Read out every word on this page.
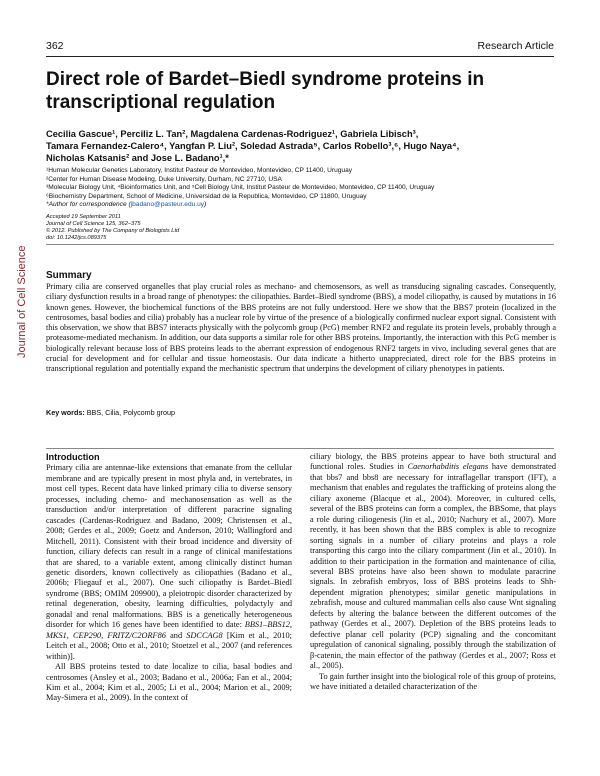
362	Research Article
Journal of Cell Science
Direct role of Bardet–Biedl syndrome proteins in transcriptional regulation
Cecilia Gascue¹, Perciliz L. Tan², Magdalena Cardenas-Rodriguez¹, Gabriela Libisch³,
Tamara Fernandez-Calero⁴, Yangfan P. Liu², Soledad Astrada⁵, Carlos Robello³,⁶, Hugo Naya⁴,
Nicholas Katsanis² and Jose L. Badano¹,*
¹Human Molecular Genetics Laboratory, Institut Pasteur de Montevideo, Montevideo, CP 11400, Uruguay
²Center for Human Disease Modeling, Duke University, Durham, NC 27710, USA
³Molecular Biology Unit, ⁴Bioinformatics Unit, and ⁵Cell Biology Unit, Institut Pasteur de Montevideo, Montevideo, CP 11400, Uruguay
⁶Biochemistry Department, School of Medicine, Universidad de la Republica, Montevideo, CP 11800, Uruguay
*Author for correspondence (jbadano@pasteur.edu.uy)
Accepted 19 September 2011
Journal of Cell Science 125, 362–375
© 2012. Published by The Company of Biologists Ltd
doi: 10.1242/jcs.089375
Summary

Primary cilia are conserved organelles that play crucial roles as mechano- and chemosensors, as well as transducing signaling cascades. Consequently, ciliary dysfunction results in a broad range of phenotypes: the ciliopathies. Bardet–Biedl syndrome (BBS), a model ciliopathy, is caused by mutations in 16 known genes. However, the biochemical functions of the BBS proteins are not fully understood. Here we show that the BBS7 protein (localized in the centrosomes, basal bodies and cilia) probably has a nuclear role by virtue of the presence of a biologically confirmed nuclear export signal. Consistent with this observation, we show that BBS7 interacts physically with the polycomb group (PcG) member RNF2 and regulate its protein levels, probably through a proteasome-mediated mechanism. In addition, our data supports a similar role for other BBS proteins. Importantly, the interaction with this PcG member is biologically relevant because loss of BBS proteins leads to the aberrant expression of endogenous RNF2 targets in vivo, including several genes that are crucial for development and for cellular and tissue homeostasis. Our data indicate a hitherto unappreciated, direct role for the BBS proteins in transcriptional regulation and potentially expand the mechanistic spectrum that underpins the development of ciliary phenotypes in patients.

Key words: BBS, Cilia, Polycomb group
Introduction

Primary cilia are antennae-like extensions that emanate from the cellular membrane and are typically present in most phyla and, in vertebrates, in most cell types. Recent data have linked primary cilia to diverse sensory processes, including chemo- and mechanosensation as well as the transduction and/or interpretation of different paracrine signaling cascades (Cardenas-Rodriguez and Badano, 2009; Christensen et al., 2008; Gerdes et al., 2009; Goetz and Anderson, 2010; Wallingford and Mitchell, 2011). Consistent with their broad incidence and diversity of function, ciliary defects can result in a range of clinical manifestations that are shared, to a variable extent, among clinically distinct human genetic disorders, known collectively as ciliopathies (Badano et al., 2006b; Fliegauf et al., 2007). One such ciliopathy is Bardet–Biedl syndrome (BBS; OMIM 209900), a pleiotropic disorder characterized by retinal degeneration, obesity, learning difficulties, polydactyly and gonadal and renal malformations. BBS is a genetically heterogeneous disorder for which 16 genes have been identified to date: BBS1–BBS12, MKS1, CEP290, FRITZ/C2ORF86 and SDCCAG8 [Kim et al., 2010; Leitch et al., 2008; Otto et al., 2010; Stoetzel et al., 2007 (and references within)].

All BBS proteins tested to date localize to cilia, basal bodies and centrosomes (Ansley et al., 2003; Badano et al., 2006a; Fan et al., 2004; Kim et al., 2004; Kim et al., 2005; Li et al., 2004; Marion et al., 2009; May-Simera et al., 2009). In the context of

ciliary biology, the BBS proteins appear to have both structural and functional roles. Studies in Caenorhabditis elegans have demonstrated that bbs7 and bbs8 are necessary for intraflagellar transport (IFT), a mechanism that enables and regulates the trafficking of proteins along the ciliary axoneme (Blacque et al., 2004). Moreover, in cultured cells, several of the BBS proteins can form a complex, the BBSome, that plays a role during ciliogenesis (Jin et al., 2010; Nachury et al., 2007). More recently, it has been shown that the BBS complex is able to recognize sorting signals in a number of ciliary proteins and plays a role transporting this cargo into the ciliary compartment (Jin et al., 2010). In addition to their participation in the formation and maintenance of cilia, several BBS proteins have also been shown to modulate paracrine signals. In zebrafish embryos, loss of BBS proteins leads to Shh-dependent migration phenotypes; similar genetic manipulations in zebrafish, mouse and cultured mammalian cells also cause Wnt signaling defects by altering the balance between the different outcomes of the pathway (Gerdes et al., 2007). Depletion of the BBS proteins leads to defective planar cell polarity (PCP) signaling and the concomitant upregulation of canonical signaling, possibly through the stabilization of β-catenin, the main effector of the pathway (Gerdes et al., 2007; Ross et al., 2005).

To gain further insight into the biological role of this group of proteins, we have initiated a detailed characterization of the
